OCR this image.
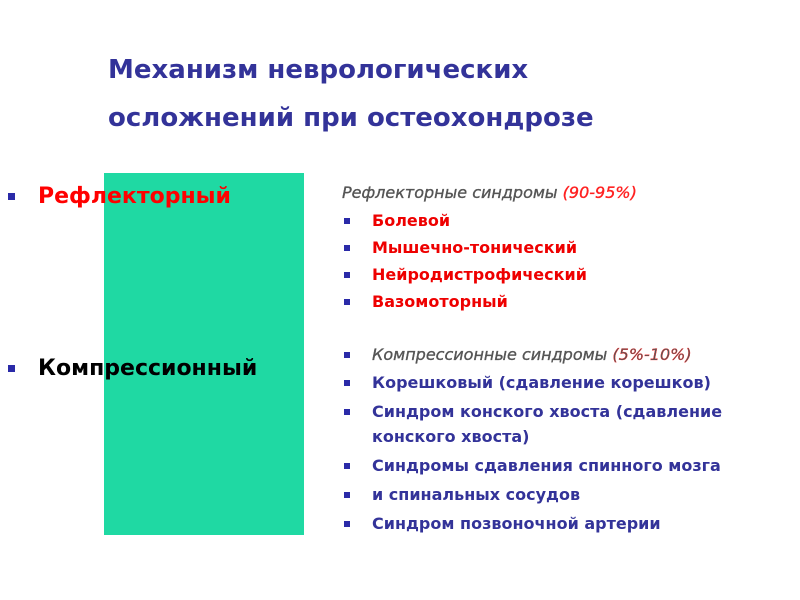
Механизм неврологических
осложнений при остеохондрозе
Рефлекторный
Компрессионный

Рефлекторные синдромы (90-95%)

Болевой
Мышечно-тонический
Нейродистрофический
Вазомоторный

Компрессионные синдромы (5%-10%)

Корешковый (сдавление корешков)
Синдром конского хвоста (сдавление конского хвоста)
Синдромы сдавления спинного мозга
и спинальных сосудов
Синдром позвоночной артерии
